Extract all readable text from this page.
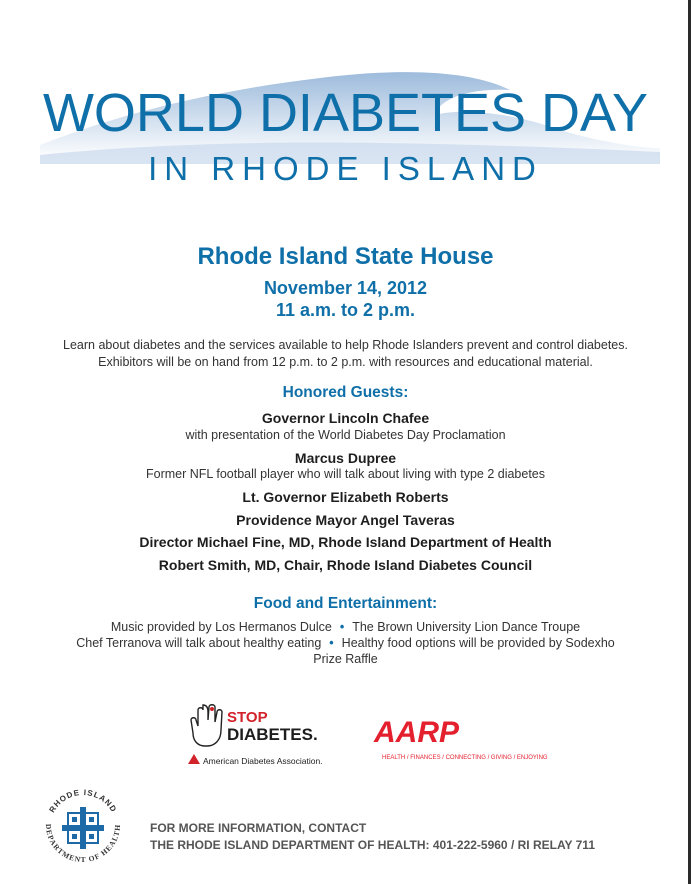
WORLD DIABETES DAY
IN RHODE ISLAND
Rhode Island State House
November 14, 2012
11 a.m. to 2 p.m.
Learn about diabetes and the services available to help Rhode Islanders prevent and control diabetes.
Exhibitors will be on hand from 12 p.m. to 2 p.m. with resources and educational material.
Honored Guests:
Governor Lincoln Chafee
with presentation of the World Diabetes Day Proclamation
Marcus Dupree
Former NFL football player who will talk about living with type 2 diabetes
Lt. Governor Elizabeth Roberts
Providence Mayor Angel Taveras
Director Michael Fine, MD, Rhode Island Department of Health
Robert Smith, MD, Chair, Rhode Island Diabetes Council
Food and Entertainment:
Music provided by Los Hermanos Dulce • The Brown University Lion Dance Troupe
Chef Terranova will talk about healthy eating • Healthy food options will be provided by Sodexho
Prize Raffle
STOP
DIABETES.
American Diabetes Association.
AARP
HEALTH / FINANCES / CONNECTING / GIVING / ENJOYING
RHODE ISLAND
DEPARTMENT OF HEALTH FOR MORE INFORMATION, CONTACT
THE RHODE ISLAND DEPARTMENT OF HEALTH: 401-222-5960 / RI RELAY 711
